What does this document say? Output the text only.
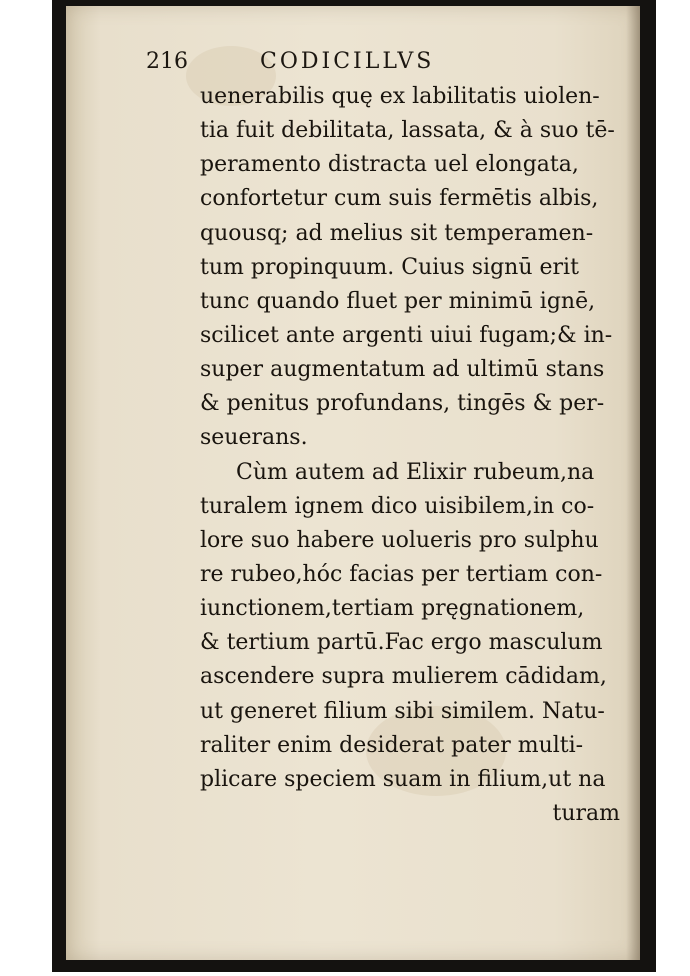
216	CODICILLVS
uenerabilis quę ex labilitatis uiolen-
tia fuit debilitata, lassata, & à suo tē-
peramento distracta uel elongata,
confortetur cum suis fermētis albis,
quousq; ad melius sit temperamen-
tum propinquum. Cuius signū erit
tunc quando fluet per minimū ignē,
scilicet ante argenti uiui fugam;& in-
super augmentatum ad ultimū stans
& penitus profundans, tingēs & per-
seuerans.
Cùm autem ad Elixir rubeum,na
turalem ignem dico uisibilem,in co-
lore suo habere uolueris pro sulphu
re rubeo,hóc facias per tertiam con-
iunctionem,tertiam pręgnationem,
& tertium partū.Fac ergo masculum
ascendere supra mulierem cādidam,
ut generet filium sibi similem. Natu-
raliter enim desiderat pater multi-
plicare speciem suam in filium,ut na
turam
